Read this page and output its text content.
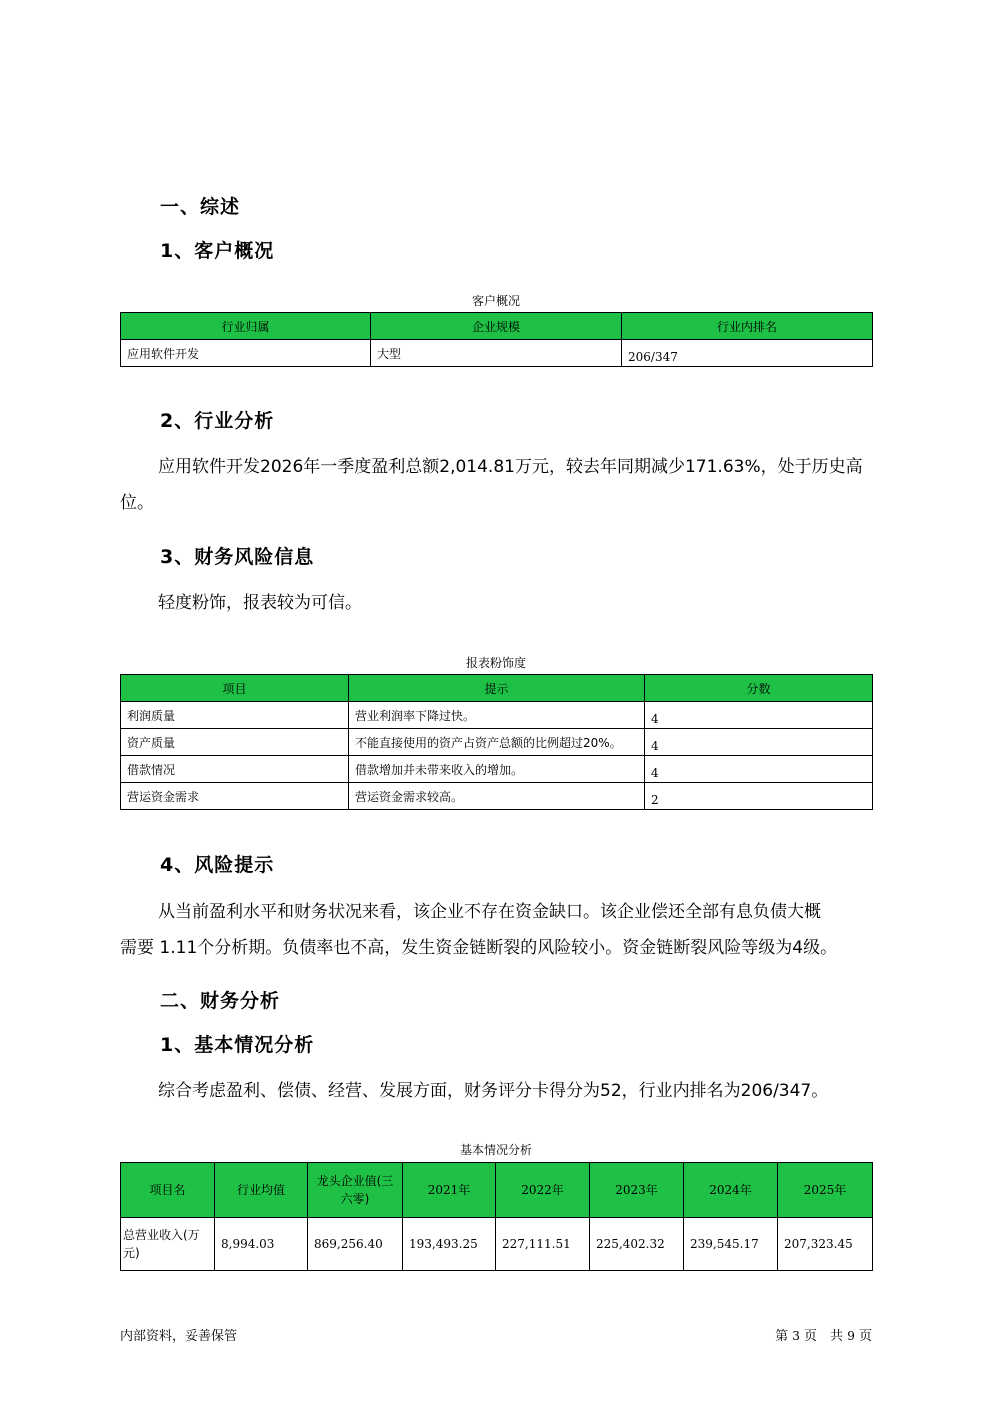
一、综述
1、客户概况
客户概况
行业归属	企业规模	行业内排名
应用软件开发	大型	206/347
2、行业分析
应用软件开发2026年一季度盈利总额2,014.81万元，较去年同期减少171.63%，处于历史高
位。
3、财务风险信息
轻度粉饰，报表较为可信。
报表粉饰度
项目	提示	分数
利润质量	营业利润率下降过快。	4
资产质量	不能直接使用的资产占资产总额的比例超过20%。	4
借款情况	借款增加并未带来收入的增加。	4
营运资金需求	营运资金需求较高。	2
4、风险提示
从当前盈利水平和财务状况来看，该企业不存在资金缺口。该企业偿还全部有息负债大概
需要 1.11个分析期。负债率也不高，发生资金链断裂的风险较小。资金链断裂风险等级为4级。
二、财务分析
1、基本情况分析
综合考虑盈利、偿债、经营、发展方面，财务评分卡得分为52，行业内排名为206/347。
基本情况分析
项目名	行业均值	龙头企业值(三六零)	2021年	2022年	2023年	2024年	2025年
总营业收入(万元)	8,994.03	869,256.40	193,493.25	227,111.51	225,402.32	239,545.17	207,323.45
内部资料，妥善保管	第 3 页　共 9 页
